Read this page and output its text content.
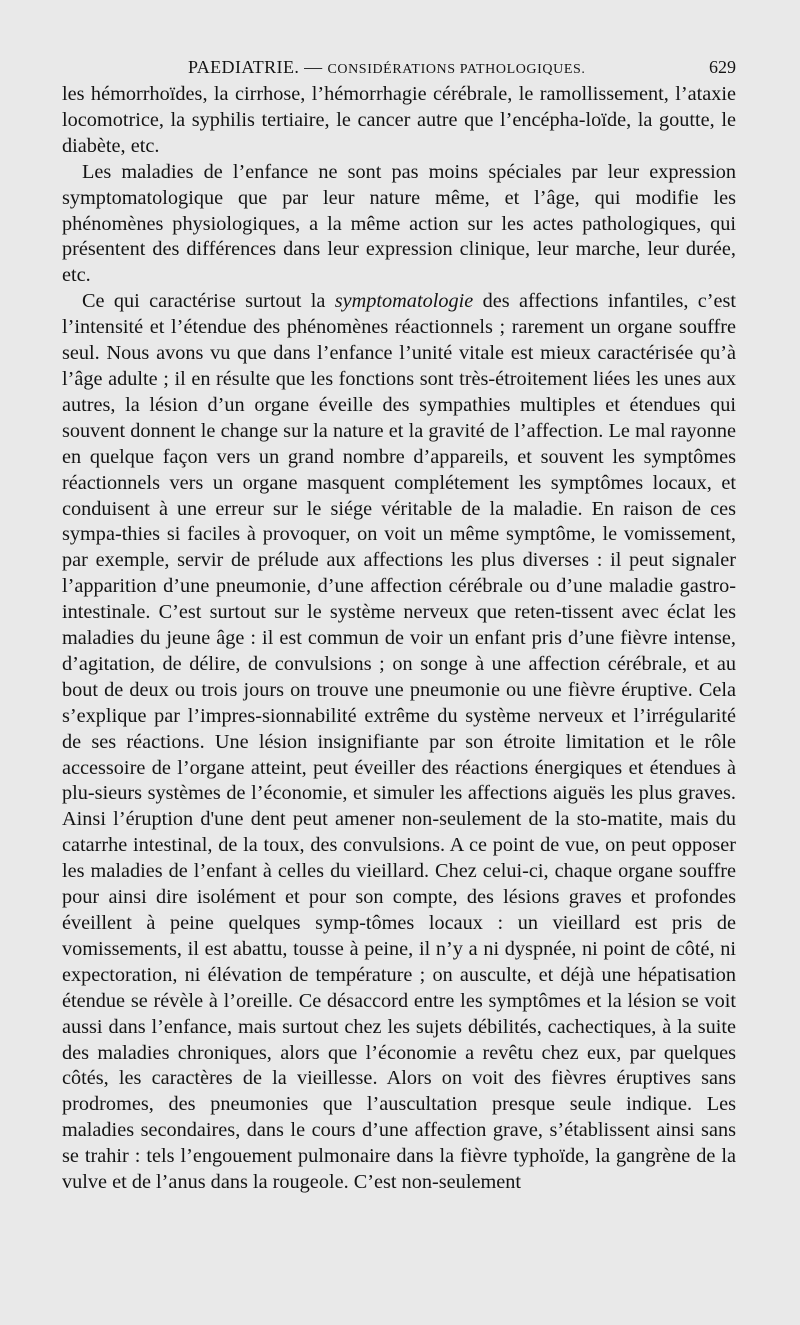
PAEDIATRIE. — CONSIDÉRATIONS PATHOLOGIQUES.	629

les hémorrhoïdes, la cirrhose, l’hémorrhagie cérébrale, le ramollissement, l’ataxie locomotrice, la syphilis tertiaire, le cancer autre que l’encépha-loïde, la goutte, le diabète, etc.

Les maladies de l’enfance ne sont pas moins spéciales par leur expression symptomatologique que par leur nature même, et l’âge, qui modifie les phénomènes physiologiques, a la même action sur les actes pathologiques, qui présentent des différences dans leur expression clinique, leur marche, leur durée, etc.

Ce qui caractérise surtout la symptomatologie des affections infantiles, c’est l’intensité et l’étendue des phénomènes réactionnels ; rarement un organe souffre seul. Nous avons vu que dans l’enfance l’unité vitale est mieux caractérisée qu’à l’âge adulte ; il en résulte que les fonctions sont très-étroitement liées les unes aux autres, la lésion d’un organe éveille des sympathies multiples et étendues qui souvent donnent le change sur la nature et la gravité de l’affection. Le mal rayonne en quelque façon vers un grand nombre d’appareils, et souvent les symptômes réactionnels vers un organe masquent complétement les symptômes locaux, et conduisent à une erreur sur le siége véritable de la maladie. En raison de ces sympa-thies si faciles à provoquer, on voit un même symptôme, le vomissement, par exemple, servir de prélude aux affections les plus diverses : il peut signaler l’apparition d’une pneumonie, d’une affection cérébrale ou d’une maladie gastro-intestinale. C’est surtout sur le système nerveux que reten-tissent avec éclat les maladies du jeune âge : il est commun de voir un enfant pris d’une fièvre intense, d’agitation, de délire, de convulsions ; on songe à une affection cérébrale, et au bout de deux ou trois jours on trouve une pneumonie ou une fièvre éruptive. Cela s’explique par l’impres-sionnabilité extrême du système nerveux et l’irrégularité de ses réactions. Une lésion insignifiante par son étroite limitation et le rôle accessoire de l’organe atteint, peut éveiller des réactions énergiques et étendues à plu-sieurs systèmes de l’économie, et simuler les affections aiguës les plus graves. Ainsi l’éruption d'une dent peut amener non-seulement de la sto-matite, mais du catarrhe intestinal, de la toux, des convulsions. A ce point de vue, on peut opposer les maladies de l’enfant à celles du vieillard. Chez celui-ci, chaque organe souffre pour ainsi dire isolément et pour son compte, des lésions graves et profondes éveillent à peine quelques symp-tômes locaux : un vieillard est pris de vomissements, il est abattu, tousse à peine, il n’y a ni dyspnée, ni point de côté, ni expectoration, ni élévation de température ; on ausculte, et déjà une hépatisation étendue se révèle à l’oreille. Ce désaccord entre les symptômes et la lésion se voit aussi dans l’enfance, mais surtout chez les sujets débilités, cachectiques, à la suite des maladies chroniques, alors que l’économie a revêtu chez eux, par quelques côtés, les caractères de la vieillesse. Alors on voit des fièvres éruptives sans prodromes, des pneumonies que l’auscultation presque seule indique. Les maladies secondaires, dans le cours d’une affection grave, s’établissent ainsi sans se trahir : tels l’engouement pulmonaire dans la fièvre typhoïde, la gangrène de la vulve et de l’anus dans la rougeole. C’est non-seulement
